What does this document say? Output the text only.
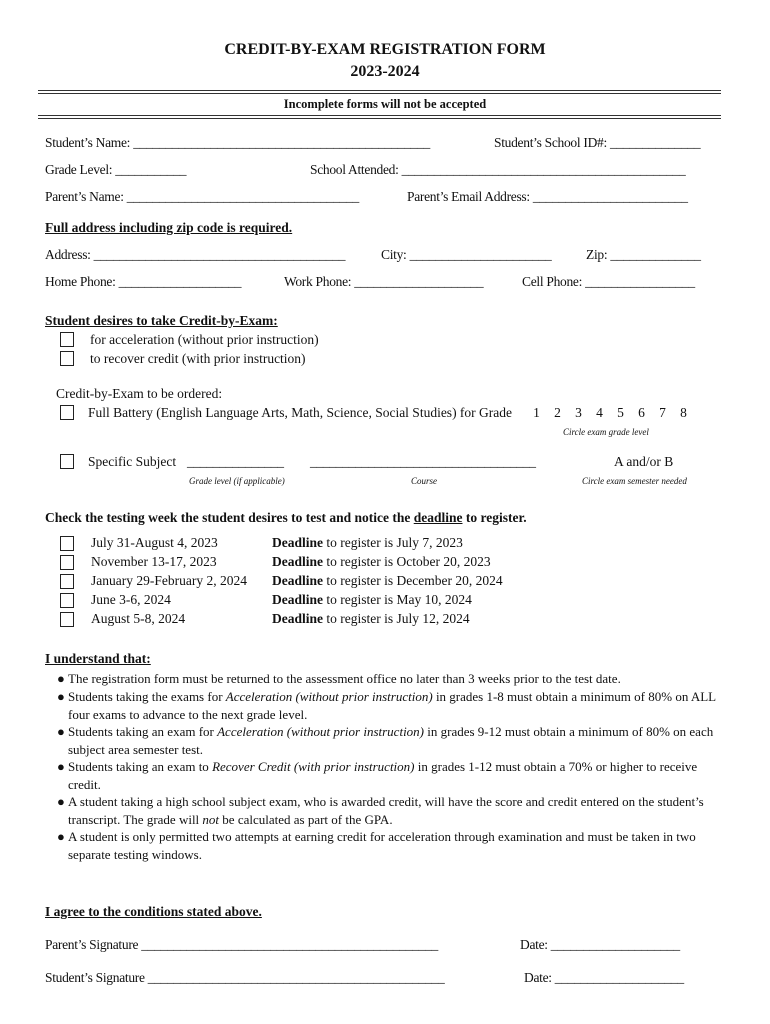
CREDIT-BY-EXAM REGISTRATION FORM
2023-2024
Incomplete forms will not be accepted
Student’s Name: ______________________________________________	Student’s School ID#: ______________
Grade Level: ___________	School Attended: ____________________________________________
Parent’s Name: ____________________________________	Parent’s Email Address: ________________________
Full address including zip code is required.
Address: _______________________________________	City: ______________________	Zip: ______________
Home Phone: ___________________	Work Phone: ____________________	Cell Phone: _________________
Student desires to take Credit-by-Exam:
for acceleration (without prior instruction)
to recover credit (with prior instruction)
Credit-by-Exam to be ordered:
Full Battery (English Language Arts, Math, Science, Social Studies) for Grade	1 2 3 4 5 6 7 8
Circle exam grade level
Specific Subject _______________ ___________________________________	A and/or B
Grade level (if applicable)	Course	Circle exam semester needed
Check the testing week the student desires to test and notice the deadline to register.
July 31-August 4, 2023	Deadline to register is July 7, 2023
November 13-17, 2023	Deadline to register is October 20, 2023
January 29-February 2, 2024 Deadline to register is December 20, 2024
June 3-6, 2024	Deadline to register is May 10, 2024
August 5-8, 2024	Deadline to register is July 12, 2024
I understand that:
● The registration form must be returned to the assessment office no later than 3 weeks prior to the test date.
● Students taking the exams for Acceleration (without prior instruction) in grades 1-8 must obtain a minimum of 80% on ALL four exams to advance to the next grade level.
● Students taking an exam for Acceleration (without prior instruction) in grades 9-12 must obtain a minimum of 80% on each subject area semester test.
● Students taking an exam to Recover Credit (with prior instruction) in grades 1-12 must obtain a 70% or higher to receive credit.
● A student taking a high school subject exam, who is awarded credit, will have the score and credit entered on the student’s transcript. The grade will not be calculated as part of the GPA.
● A student is only permitted two attempts at earning credit for acceleration through examination and must be taken in two separate testing windows.
I agree to the conditions stated above.
Parent’s Signature ______________________________________________	Date: ____________________
Student’s Signature ______________________________________________	Date: ____________________
